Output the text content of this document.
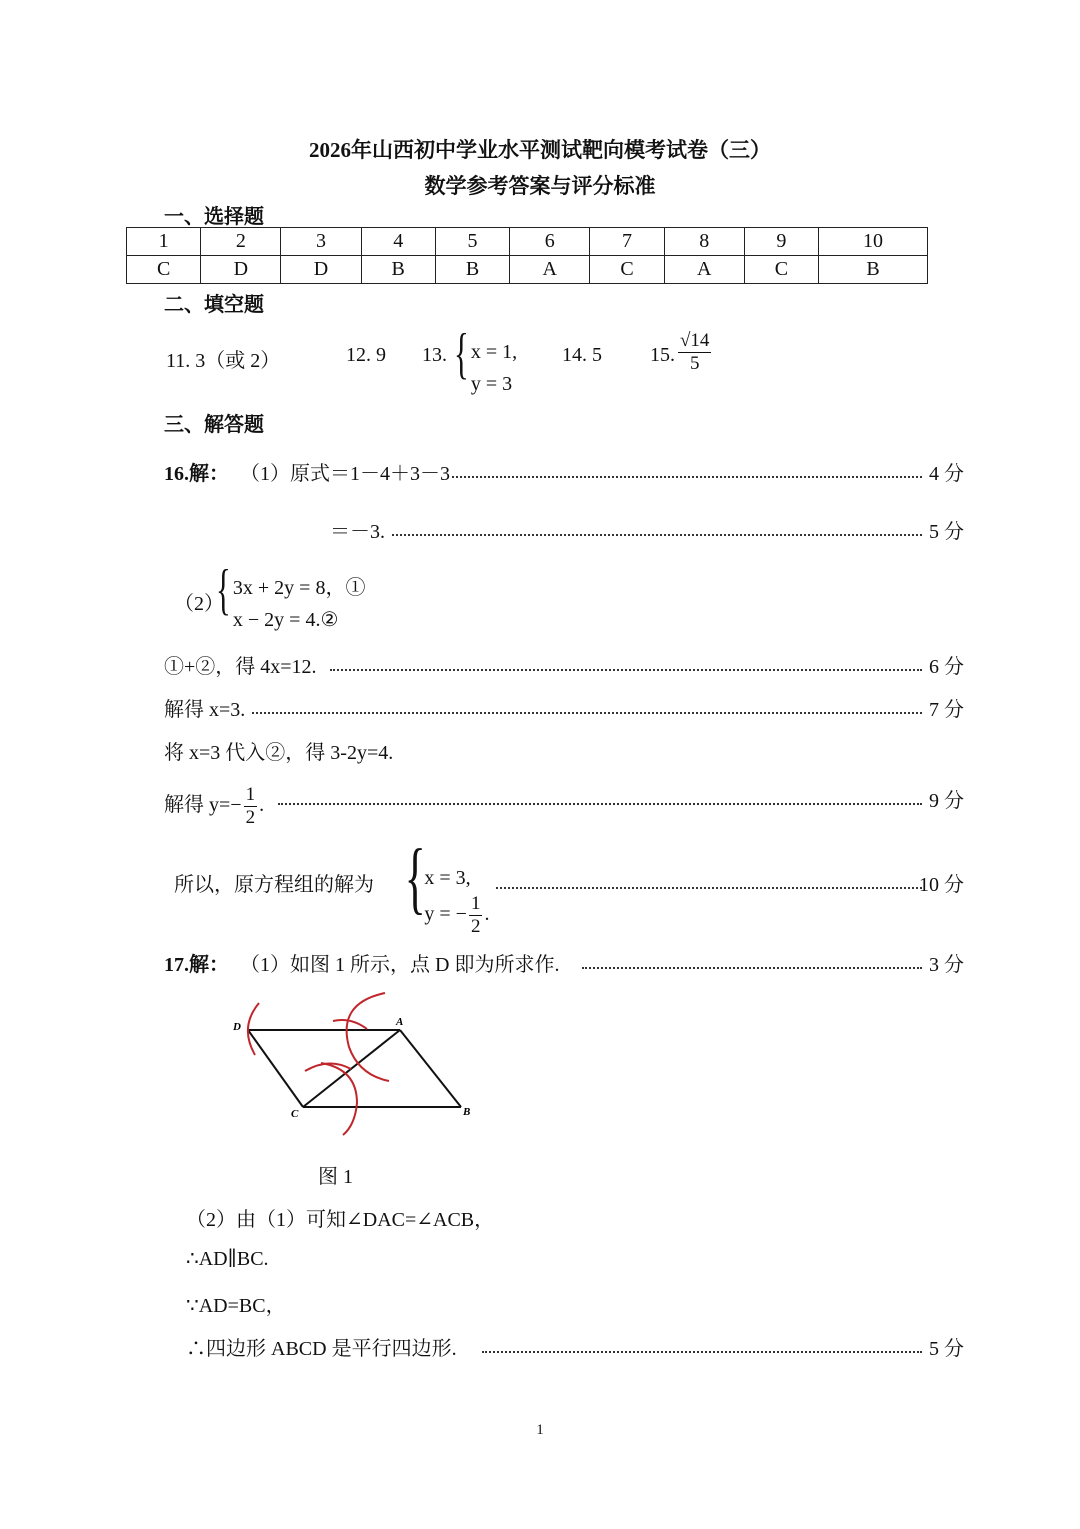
2026年山西初中学业水平测试靶向模考试卷（三）
数学参考答案与评分标准
一、选择题
1	2	3	4	5	6	7	8	9	10
C	D	D	B	B	A	C	A	C	B
二、填空题
11. 3（或 2）	12. 9 13. { x = 1,
y = 3
14. 5 15. $\frac{√14}{5}$
三、解答题
16.解： （1）原式＝1－4＋3－3	4 分
＝－3.	5 分
（2）
{ 3x + 2y = 8，①
x − 2y = 4.②
①+②，得 4x=12.	6 分
解得 x=3.	7 分
将 x=3 代入②，得 3-2y=4.
解得 $y=- \frac{1}{2}$ .	9 分
所以，原方程组的解为 {
x = 3,
y = − $\frac{1}{2}$ .
10 分
17.解： （1）如图 1 所示，点 D 即为所求作.	3 分
D	A
C	B
图 1
（2）由（1）可知∠DAC=∠ACB，
∴AD∥BC.
∵AD=BC，
∴四边形 ABCD 是平行四边形.	5 分
1
